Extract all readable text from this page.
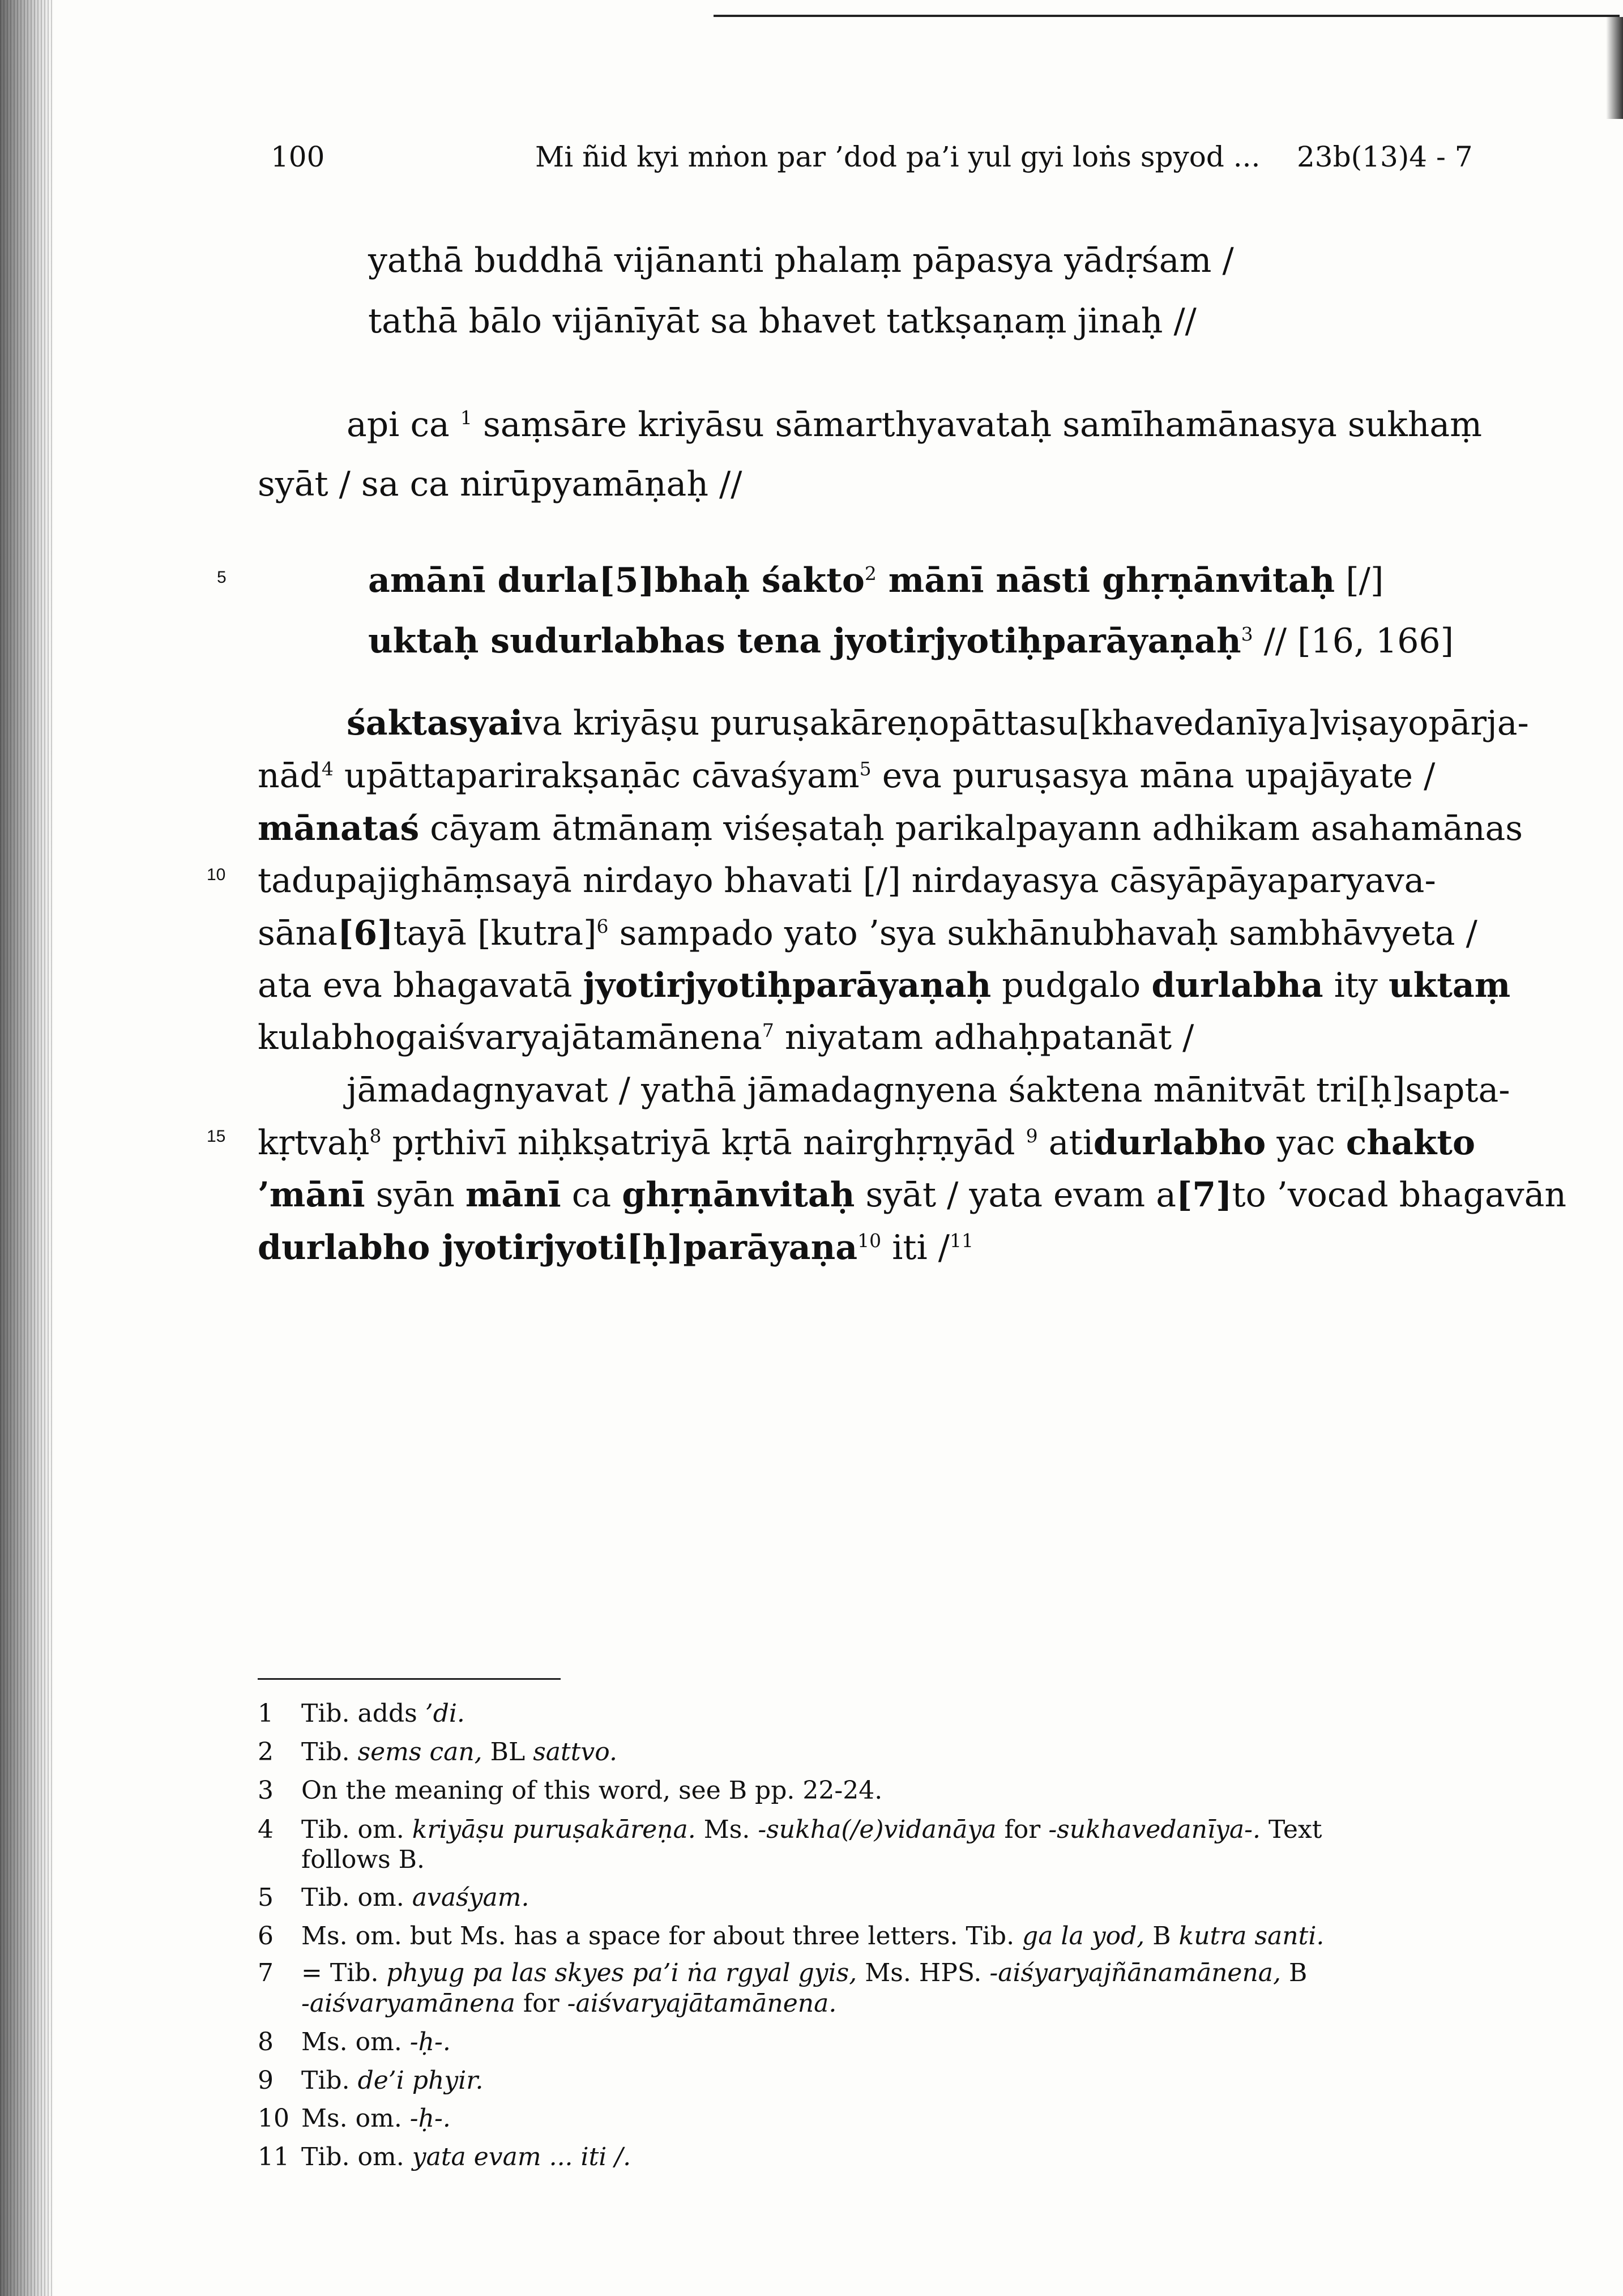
100	Mi ñid kyi mṅon par ’dod pa’i yul gyi loṅs spyod ... 23b(13)4 - 7
yathā buddhā vijānanti phalaṃ pāpasya yādṛśam /
tathā bālo vijānīyāt sa bhavet tatkṣaṇaṃ jinaḥ //
api ca $^1$ saṃsāre kriyāsu sāmarthyavataḥ samīhamānasya sukhaṃ
syāt / sa ca nirūpyamāṇaḥ //
amānī durla[5]bhaḥ śakto$^2$ mānī nāsti ghṛṇānvitaḥ [/]
uktaḥ sudurlabhas tena jyotirjyotiḥparāyaṇaḥ$^3$ // [16, 166]
5
10
15
śaktasyaiva kriyāṣu puruṣakāreṇopāttasu[khavedanīya]viṣayopārja-
nād$^4$ upāttaparirakṣaṇāc cāvaśyam$^5$ eva puruṣasya māna upajāyate /
mānataś cāyam ātmānaṃ viśeṣataḥ parikalpayann adhikam asahamānas
tadupajighāṃsayā nirdayo bhavati [/] nirdayasya cāsyāpāyaparyava-
sāna[6]tayā [kutra]$^6$ sampado yato ’sya sukhānubhavaḥ sambhāvyeta /
ata eva bhagavatā jyotirjyotiḥparāyaṇaḥ pudgalo durlabha ity uktaṃ
kulabhogaiśvaryajātamānena$^7$ niyatam adhaḥpatanāt /
jāmadagnyavat / yathā jāmadagnyena śaktena mānitvāt tri[ḥ]sapta-
kṛtvaḥ$^8$ pṛthivī niḥkṣatriyā kṛtā nairghṛṇyād $^9$ atidurlabho yac chakto
’mānī syān mānī ca ghṛṇānvitaḥ syāt / yata evam a[7]to ’vocad bhagavān
durlabho jyotirjyoti[ḥ]parāyaṇa$^{10}$ iti /$^{11}$
1 Tib. adds ’di.
2 Tib. sems can, BL sattvo.
3 On the meaning of this word, see B pp. 22-24.
4 Tib. om. kriyāṣu puruṣakāreṇa. Ms. -sukha(/e)vidanāya for -sukhavedanīya-. Text
follows B.
5 Tib. om. avaśyam.
6 Ms. om. but Ms. has a space for about three letters. Tib. ga la yod, B kutra santi.
7 = Tib. phyug pa las skyes pa’i ṅa rgyal gyis, Ms. HPS. -aiśyaryajñānamānena, B
-aiśvaryamānena for -aiśvaryajātamānena.
8 Ms. om. -ḥ-.
9 Tib. de’i phyir.
10 Ms. om. -ḥ-.
11 Tib. om. yata evam ... iti /.
